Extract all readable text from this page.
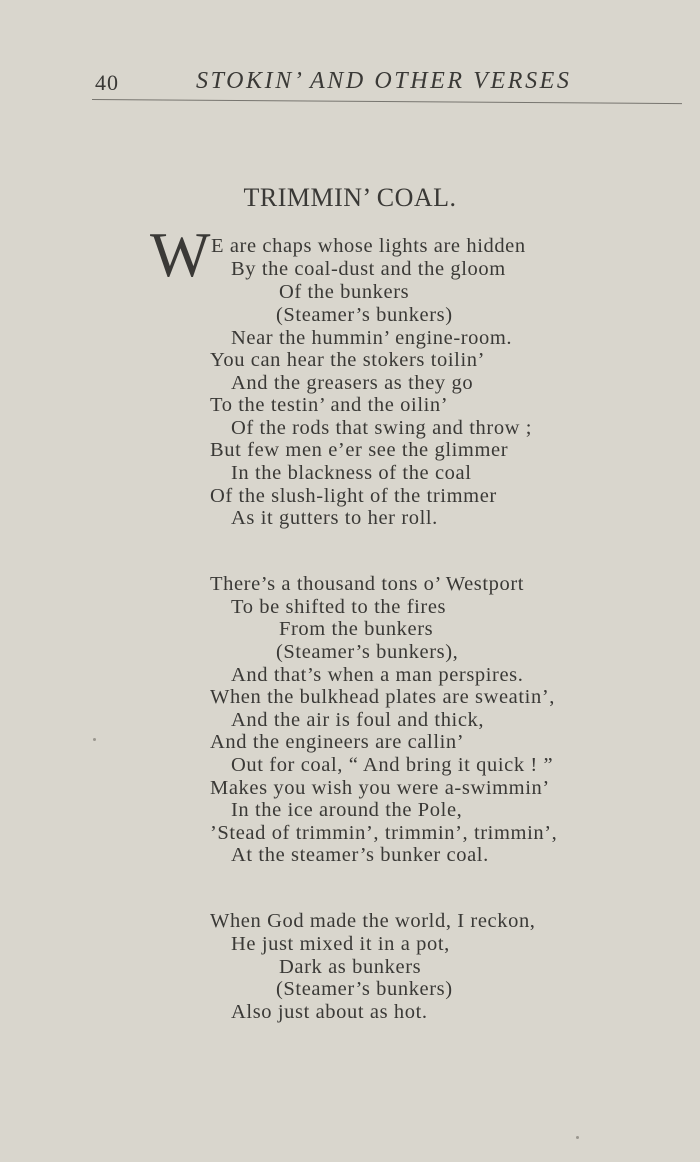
40	STOKIN’ AND OTHER VERSES
TRIMMIN’ COAL.
W E are chaps whose lights are hidden
By the coal-dust and the gloom
Of the bunkers
(Steamer’s bunkers)
Near the hummin’ engine-room.
You can hear the stokers toilin’
And the greasers as they go
To the testin’ and the oilin’
Of the rods that swing and throw ;
But few men e’er see the glimmer
In the blackness of the coal
Of the slush-light of the trimmer
As it gutters to her roll.
There’s a thousand tons o’ Westport
To be shifted to the fires
From the bunkers
(Steamer’s bunkers),
And that’s when a man perspires.
When the bulkhead plates are sweatin’,
And the air is foul and thick,
And the engineers are callin’
Out for coal, “ And bring it quick ! ”
Makes you wish you were a-swimmin’
In the ice around the Pole,
’Stead of trimmin’, trimmin’, trimmin’,
At the steamer’s bunker coal.
When God made the world, I reckon,
He just mixed it in a pot,
Dark as bunkers
(Steamer’s bunkers)
Also just about as hot.
